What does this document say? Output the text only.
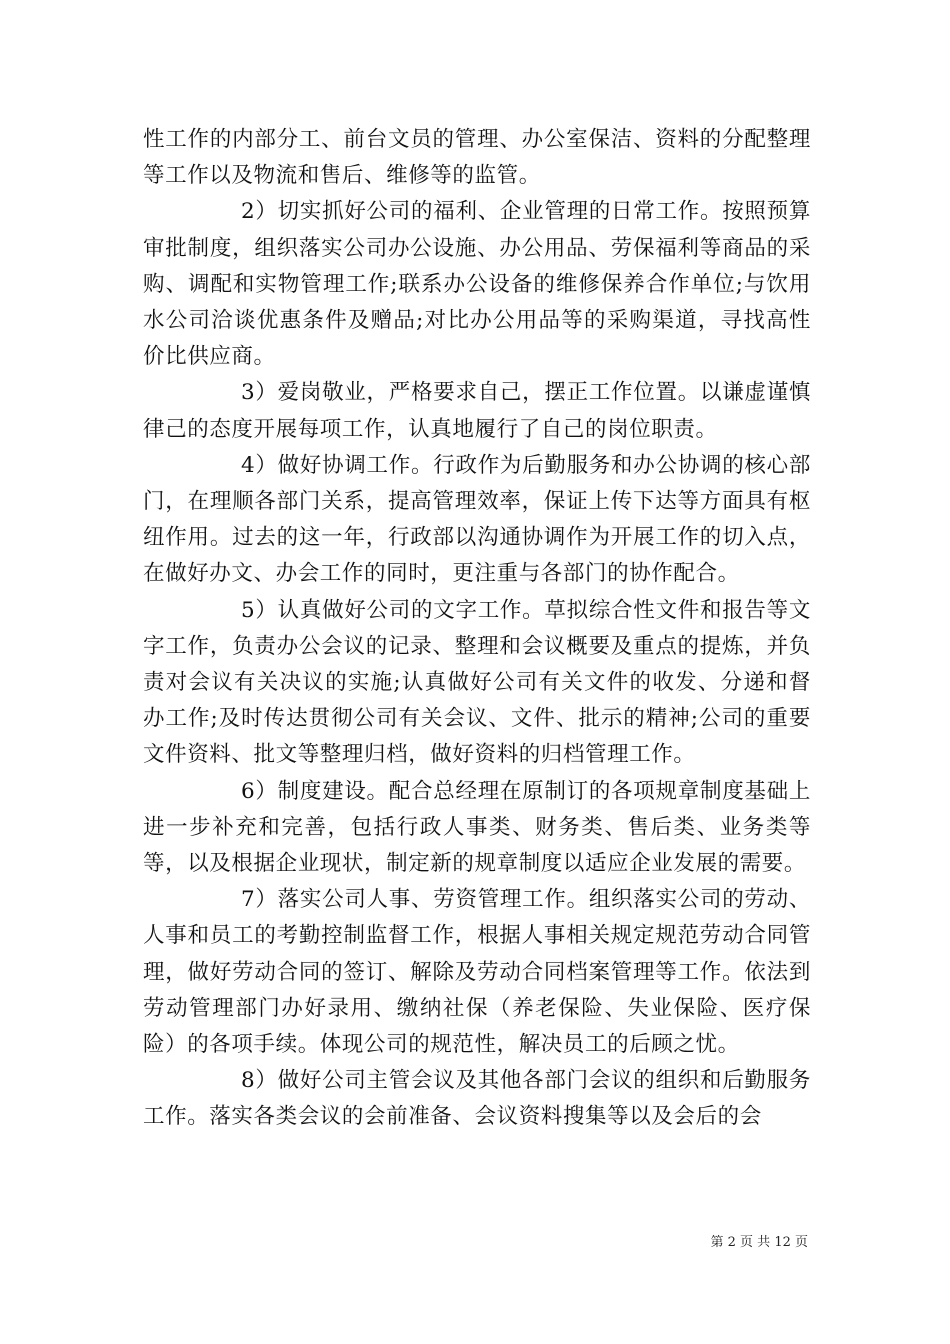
性工作的内部分工、前台文员的管理、办公室保洁、资料的分配整理等工作以及物流和售后、维修等的监管。

2）切实抓好公司的福利、企业管理的日常工作。按照预算审批制度，组织落实公司办公设施、办公用品、劳保福利等商品的采购、调配和实物管理工作;联系办公设备的维修保养合作单位;与饮用水公司洽谈优惠条件及赠品;对比办公用品等的采购渠道，寻找高性价比供应商。

3）爱岗敬业，严格要求自己，摆正工作位置。以谦虚谨慎律己的态度开展每项工作，认真地履行了自己的岗位职责。

4）做好协调工作。行政作为后勤服务和办公协调的核心部门，在理顺各部门关系，提高管理效率，保证上传下达等方面具有枢纽作用。过去的这一年，行政部以沟通协调作为开展工作的切入点，在做好办文、办会工作的同时，更注重与各部门的协作配合。

5）认真做好公司的文字工作。草拟综合性文件和报告等文字工作，负责办公会议的记录、整理和会议概要及重点的提炼，并负责对会议有关决议的实施;认真做好公司有关文件的收发、分递和督办工作;及时传达贯彻公司有关会议、文件、批示的精神;公司的重要文件资料、批文等整理归档，做好资料的归档管理工作。

6）制度建设。配合总经理在原制订的各项规章制度基础上进一步补充和完善，包括行政人事类、财务类、售后类、业务类等等，以及根据企业现状，制定新的规章制度以适应企业发展的需要。

7）落实公司人事、劳资管理工作。组织落实公司的劳动、人事和员工的考勤控制监督工作，根据人事相关规定规范劳动合同管理，做好劳动合同的签订、解除及劳动合同档案管理等工作。依法到劳动管理部门办好录用、缴纳社保（养老保险、失业保险、医疗保险）的各项手续。体现公司的规范性，解决员工的后顾之忧。

8）做好公司主管会议及其他各部门会议的组织和后勤服务工作。落实各类会议的会前准备、会议资料搜集等以及会后的会

第 2 页 共 12 页
